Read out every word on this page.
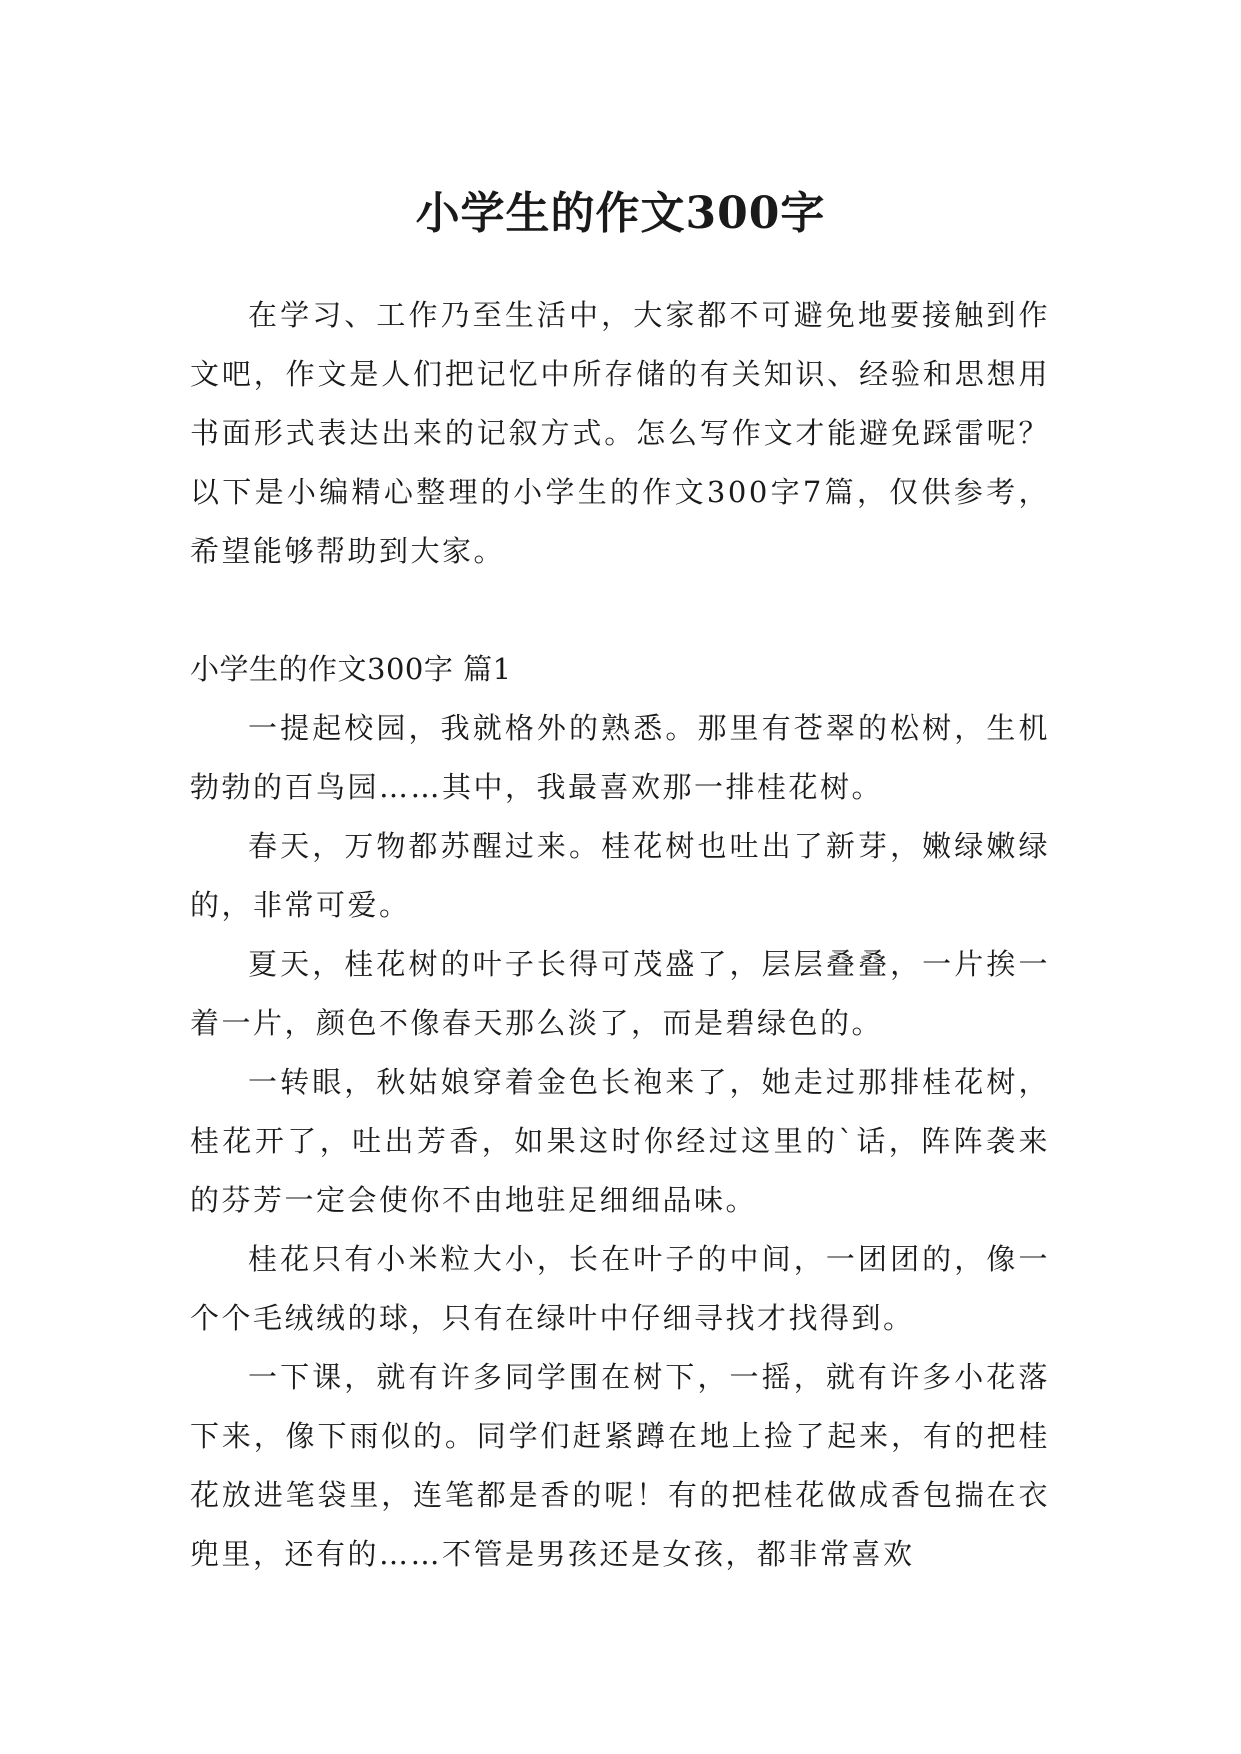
小学生的作文300字

在学习、工作乃至生活中，大家都不可避免地要接触到作文吧，作文是人们把记忆中所存储的有关知识、经验和思想用书面形式表达出来的记叙方式。怎么写作文才能避免踩雷呢？以下是小编精心整理的小学生的作文300字7篇，仅供参考，希望能够帮助到大家。

小学生的作文300字 篇1

一提起校园，我就格外的熟悉。那里有苍翠的松树，生机勃勃的百鸟园……其中，我最喜欢那一排桂花树。

春天，万物都苏醒过来。桂花树也吐出了新芽，嫩绿嫩绿的，非常可爱。

夏天，桂花树的叶子长得可茂盛了，层层叠叠，一片挨一着一片，颜色不像春天那么淡了，而是碧绿色的。

一转眼，秋姑娘穿着金色长袍来了，她走过那排桂花树，桂花开了，吐出芳香，如果这时你经过这里的`话，阵阵袭来的芬芳一定会使你不由地驻足细细品味。

桂花只有小米粒大小，长在叶子的中间，一团团的，像一个个毛绒绒的球，只有在绿叶中仔细寻找才找得到。

一下课，就有许多同学围在树下，一摇，就有许多小花落下来，像下雨似的。同学们赶紧蹲在地上捡了起来，有的把桂花放进笔袋里，连笔都是香的呢！有的把桂花做成香包揣在衣兜里，还有的……不管是男孩还是女孩，都非常喜欢
